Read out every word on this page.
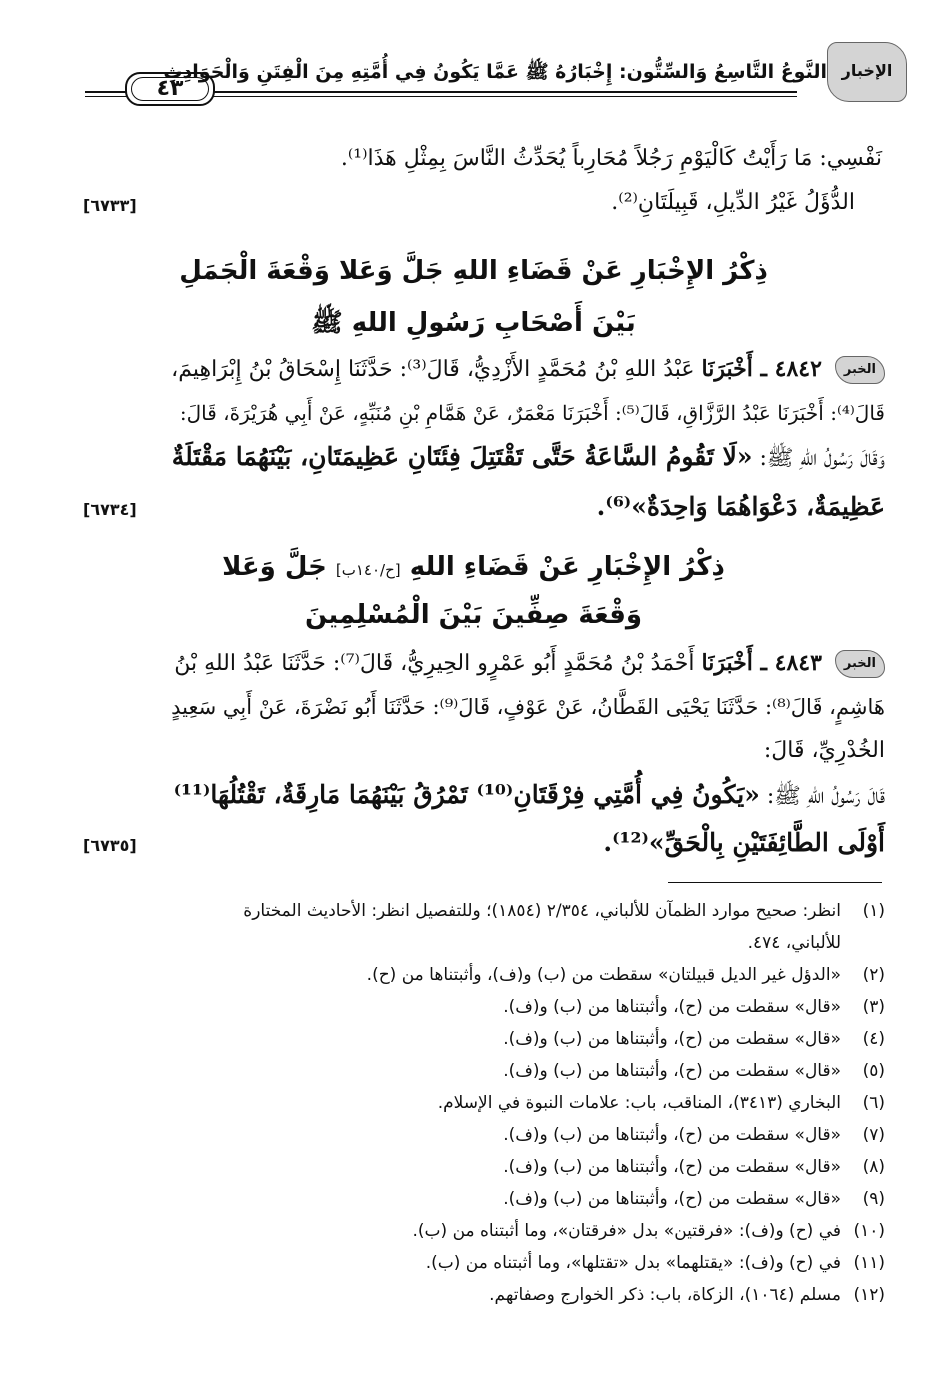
٤٣
النَّوعُ التَّاسِعُ وَالسِّتُّون: إِخْبَارُهُ ﷺ عَمَّا يَكُونُ فِي أُمَّتِهِ مِنَ الْفِتَنِ وَالْحَوَادِثِ الإخبار
نَفْسِي: مَا رَأَيْتُ كَالْيَوْمِ رَجُلاً مُحَارِباً يُحَدِّثُ النَّاسَ بِمِثْلِ هَذَا⁽¹⁾.
الدُّؤَلُ غَيْرُ الدِّيلِ، قَبِيلَتَانِ⁽²⁾.
[٦٧٣٣]
ذِكْرُ الإِخْبَارِ عَنْ قَضَاءِ اللهِ جَلَّ وَعَلا وَقْعَةَ الْجَمَلِ
بَيْنَ أَصْحَابِ رَسُولِ اللهِ ﷺ
الخبر ٤٨٤٢ ـ أَخْبَرَنَا عَبْدُ اللهِ بْنُ مُحَمَّدٍ الأَزْدِيُّ، قَالَ⁽³⁾: حَدَّثَنَا إِسْحَاقُ بْنُ إِبْرَاهِيمَ،
قَالَ⁽⁴⁾: أَخْبَرَنَا عَبْدُ الرَّزَّاقِ، قَالَ⁽⁵⁾: أَخْبَرَنَا مَعْمَرٌ، عَنْ هَمَّامِ بْنِ مُنَبِّهٍ، عَنْ أَبِي هُرَيْرَةَ، قَالَ:
وَقَالَ رَسُولُ اللهِ ﷺ: «لَا تَقُومُ السَّاعَةُ حَتَّى تَقْتَتِلَ فِئَتَانِ عَظِيمَتَانِ، بَيْنَهُمَا مَقْتَلَةٌ
عَظِيمَةٌ، دَعْوَاهُمَا وَاحِدَةٌ»⁽⁶⁾.
[٦٧٣٤]
ذِكْرُ الإِخْبَارِ عَنْ قَضَاءِ اللهِ [ح/١٤٠ب] جَلَّ وَعَلا
وَقْعَةَ صِفِّينَ بَيْنَ الْمُسْلِمِينَ
الخبر ٤٨٤٣ ـ أَخْبَرَنَا أَحْمَدُ بْنُ مُحَمَّدٍ أَبُو عَمْرٍو الحِيرِيُّ، قَالَ⁽⁷⁾: حَدَّثَنَا عَبْدُ اللهِ بْنُ
هَاشِمٍ، قَالَ⁽⁸⁾: حَدَّثَنَا يَحْيَى القَطَّانُ، عَنْ عَوْفٍ، قَالَ⁽⁹⁾: حَدَّثَنَا أَبُو نَضْرَةَ، عَنْ أَبِي سَعِيدٍ
الخُدْرِيِّ، قَالَ:
قَالَ رَسُولُ اللهِ ﷺ: «يَكُونُ فِي أُمَّتِي فِرْقَتَانِ⁽¹⁰⁾ تَمْرُقُ بَيْنَهُمَا مَارِقَةٌ، تَقْتُلُهَا⁽¹¹⁾
أَوْلَى الطَّائِفَتَيْنِ بِالْحَقِّ»⁽¹²⁾.
[٦٧٣٥]
(١)انظر: صحيح موارد الظمآن للألباني، ٢/٣٥٤ (١٨٥٤)؛ وللتفصيل انظر: الأحاديث المختارة
للألباني، ٤٧٤.
(٢)«الدؤل غير الديل قبيلتان» سقطت من (ب) و(ف)، وأثبتناها من (ح).
(٣)«قال» سقطت من (ح)، وأثبتناها من (ب) و(ف).
(٤)«قال» سقطت من (ح)، وأثبتناها من (ب) و(ف).
(٥)«قال» سقطت من (ح)، وأثبتناها من (ب) و(ف).
(٦)البخاري (٣٤١٣)، المناقب، باب: علامات النبوة في الإسلام.
(٧)«قال» سقطت من (ح)، وأثبتناها من (ب) و(ف).
(٨)«قال» سقطت من (ح)، وأثبتناها من (ب) و(ف).
(٩)«قال» سقطت من (ح)، وأثبتناها من (ب) و(ف).
(١٠)في (ح) و(ف): «فرقتين» بدل «فرقتان»، وما أثبتناه من (ب).
(١١)في (ح) و(ف): «يقتلهما» بدل «تقتلها»، وما أثبتناه من (ب).
(١٢)مسلم (١٠٦٤)، الزكاة، باب: ذكر الخوارج وصفاتهم.
